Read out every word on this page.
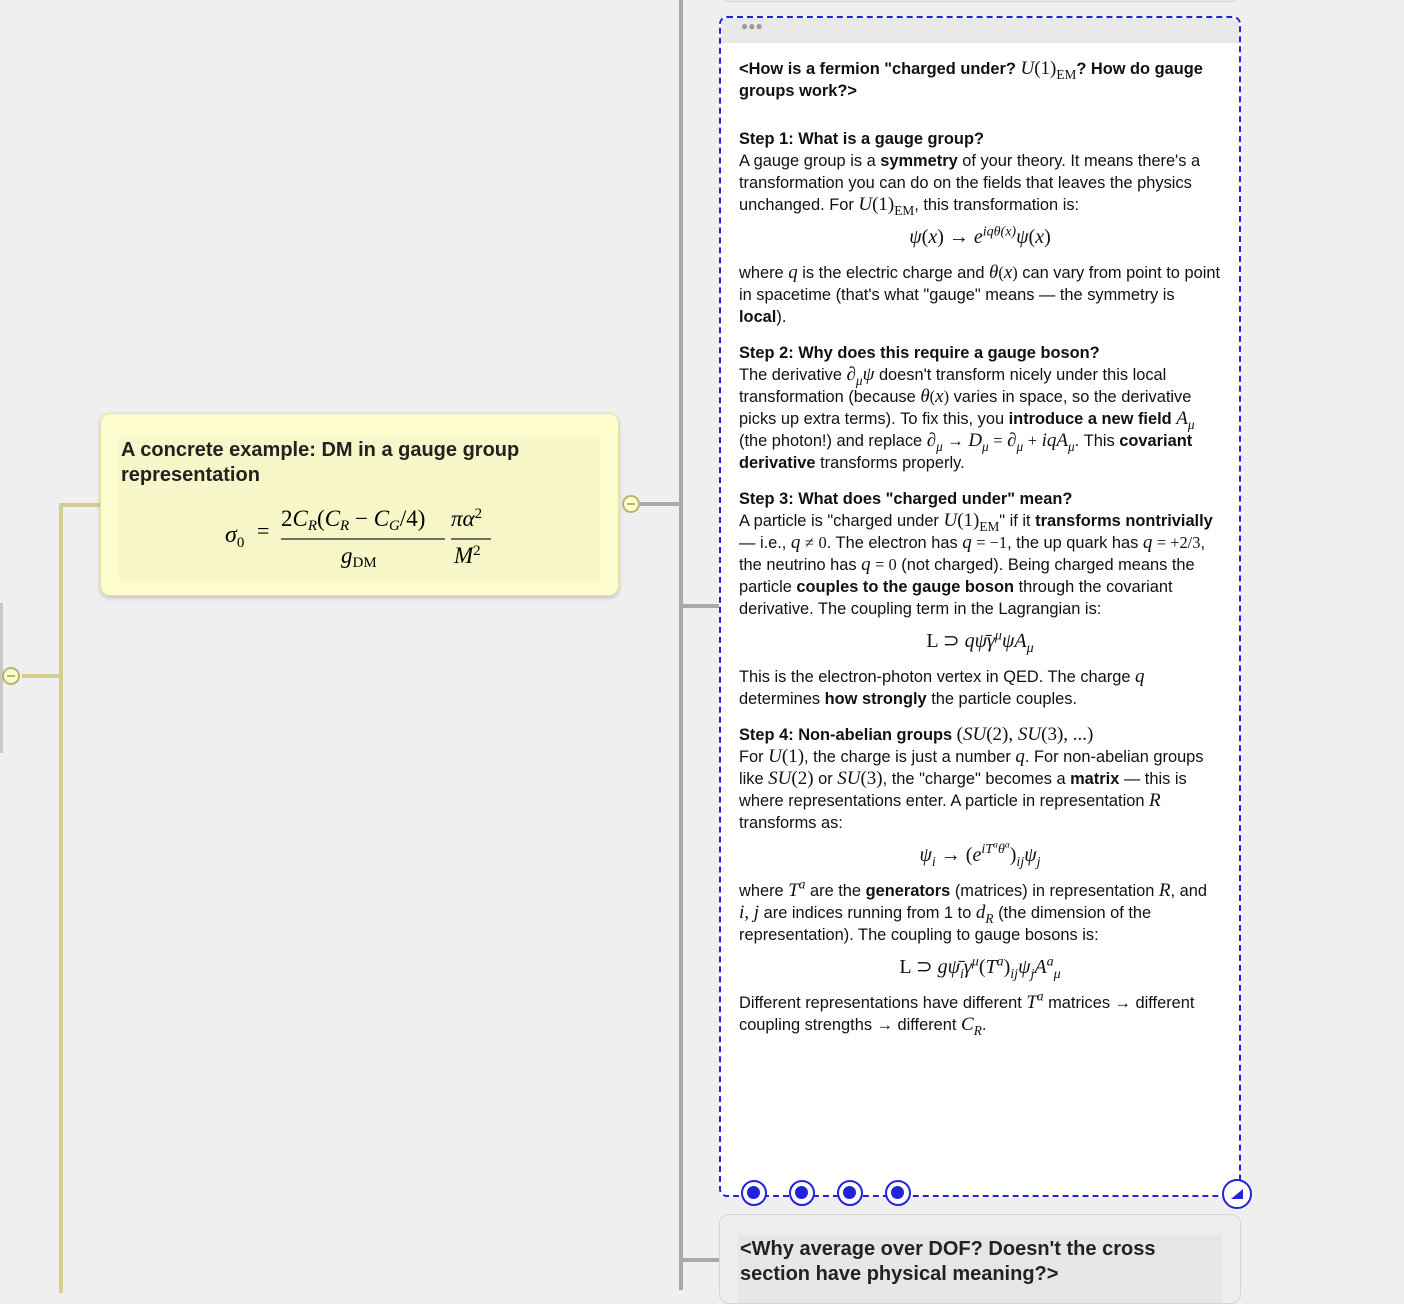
A concrete example: DM in a gauge group representation
$\sigma_0 = 2CR(CR - CG/4)$
gDM
$\pi\alpha^2$
$M^2$
●●●

<How is a fermion "charged under? $U(1)_{EM}$? How do gauge groups work?>

Step 1: What is a gauge group?

A gauge group is a symmetry of your theory. It means there's a transformation you can do on the fields that leaves the physics unchanged. For $U(1)_{EM}$, this transformation is:

$\psi(x) \to e^{iq\theta(x)}\psi(x)$

where q is the electric charge and θ(x) can vary from point to point in spacetime (that's what "gauge" means — the symmetry is local).

Step 2: Why does this require a gauge boson?

The derivative $\partial_\mu\psi$ doesn't transform nicely under this local transformation (because θ(x) varies in space, so the derivative picks up extra terms). To fix this, you introduce a new field $A_\mu$ (the photon!) and replace $\partial_\mu \to D_\mu = \partial_\mu + iqA_\mu$. This covariant derivative transforms properly.

Step 3: What does "charged under" mean?

A particle is "charged under $U(1)_{EM}$" if it transforms nontrivially — i.e., q ≠ 0. The electron has q = −1, the up quark has q = +2/3, the neutrino has q = 0 (not charged). Being charged means the particle couples to the gauge boson through the covariant derivative. The coupling term in the Lagrangian is:

L ⊃ $q\psī\gamma^\mu\psi A_\mu$

This is the electron-photon vertex in QED. The charge q determines how strongly the particle couples.

Step 4: Non-abelian groups (SU(2), SU(3), ...)

For U(1), the charge is just a number q. For non-abelian groups like SU(2) or SU(3), the "charge" becomes a matrix — this is where representations enter. A particle in representation R transforms as:

$\psi_i \to (e^{iT^a\theta^a})_{ij}\psi_j$

where $T^a$ are the generators (matrices) in representation R, and i, j are indices running from 1 to $d_R$ (the dimension of the representation). The coupling to gauge bosons is:

L ⊃ $g\psī_i\gamma^\mu(T^a)_{ij}\psi_jA^a_\mu$

Different representations have different $T^a$ matrices → different coupling strengths → different $C_R$.

<Why average over DOF? Doesn't the cross section have physical meaning?>
